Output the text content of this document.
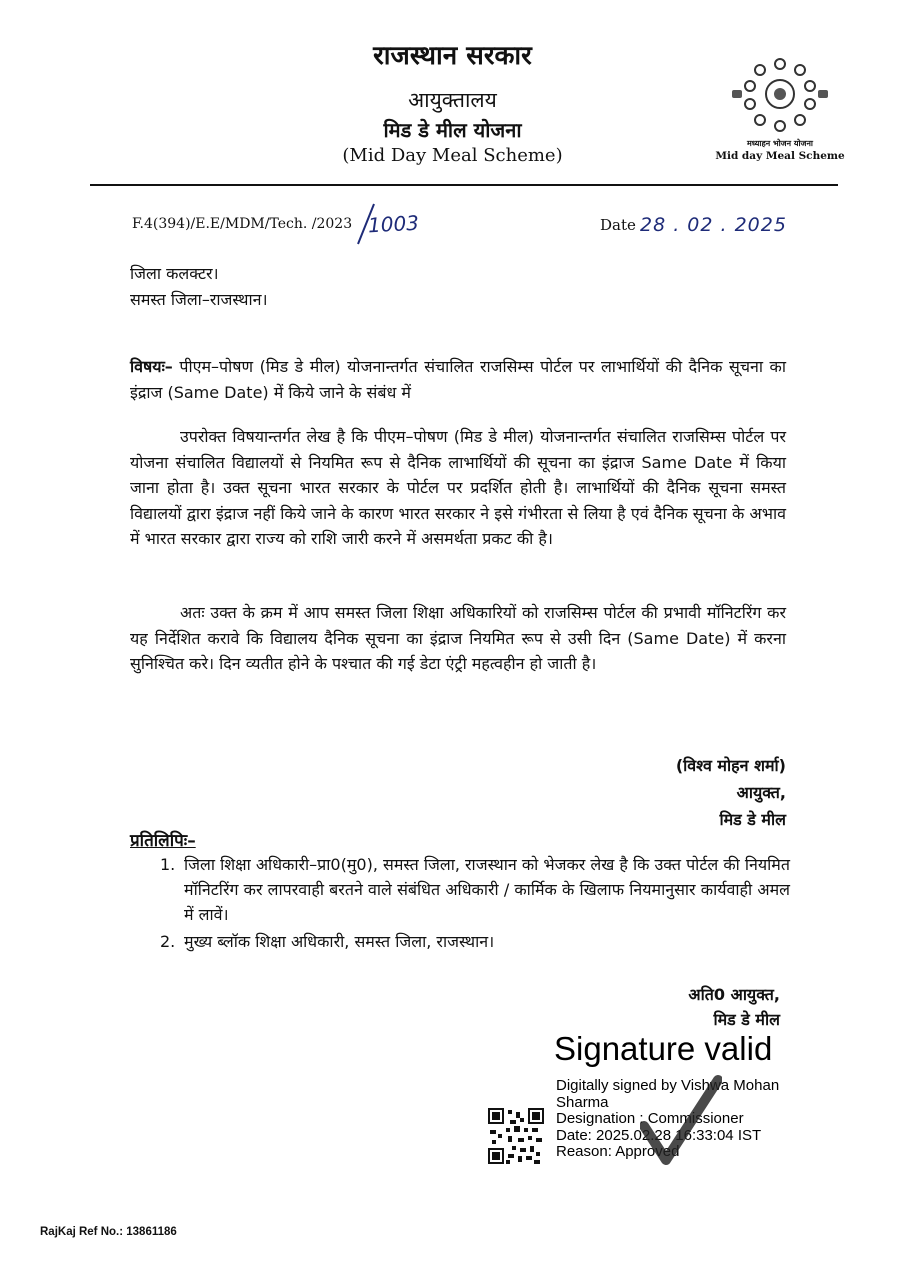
राजस्थान सरकार
आयुक्तालय
मिड डे मील योजना
(Mid Day Meal Scheme)
मध्याहन भोजन योजना
Mid day Meal Scheme
F.4(394)/E.E/MDM/Tech. /2023 1003	Date 28 . 02 . 2025
जिला कलक्टर।
समस्त जिला–राजस्थान।
विषयः– पीएम–पोषण (मिड डे मील) योजनान्तर्गत संचालित राजसिम्स पोर्टल पर लाभार्थियों की दैनिक सूचना का इंद्राज (Same Date) में किये जाने के संबंध में
उपरोक्त विषयान्तर्गत लेख है कि पीएम–पोषण (मिड डे मील) योजनान्तर्गत संचालित राजसिम्स पोर्टल पर योजना संचालित विद्यालयों से नियमित रूप से दैनिक लाभार्थियों की सूचना का इंद्राज Same Date में किया जाना होता है। उक्त सूचना भारत सरकार के पोर्टल पर प्रदर्शित होती है। लाभार्थियों की दैनिक सूचना समस्त विद्यालयों द्वारा इंद्राज नहीं किये जाने के कारण भारत सरकार ने इसे गंभीरता से लिया है एवं दैनिक सूचना के अभाव में भारत सरकार द्वारा राज्य को राशि जारी करने में असमर्थता प्रकट की है।
अतः उक्त के क्रम में आप समस्त जिला शिक्षा अधिकारियों को राजसिम्स पोर्टल की प्रभावी मॉनिटरिंग कर यह निर्देशित करावे कि विद्यालय दैनिक सूचना का इंद्राज नियमित रूप से उसी दिन (Same Date) में करना सुनिश्चित करे। दिन व्यतीत होने के पश्चात की गई डेटा एंट्री महत्वहीन हो जाती है।
(विश्व मोहन शर्मा)
आयुक्त,
मिड डे मील
प्रतिलिपिः–
1. जिला शिक्षा अधिकारी–प्रा0(मु0), समस्त जिला, राजस्थान को भेजकर लेख है कि उक्त पोर्टल की नियमित मॉनिटरिंग कर लापरवाही बरतने वाले संबंधित अधिकारी / कार्मिक के खिलाफ नियमानुसार कार्यवाही अमल में लावें।
2. मुख्य ब्लॉक शिक्षा अधिकारी, समस्त जिला, राजस्थान।
अति0 आयुक्त,
मिड डे मील
Signature valid
Digitally signed by Vishwa Mohan
Sharma
Designation : Commissioner
Date: 2025.02.28 16:33:04 IST
Reason: Approved
RajKaj Ref No.: 13861186
